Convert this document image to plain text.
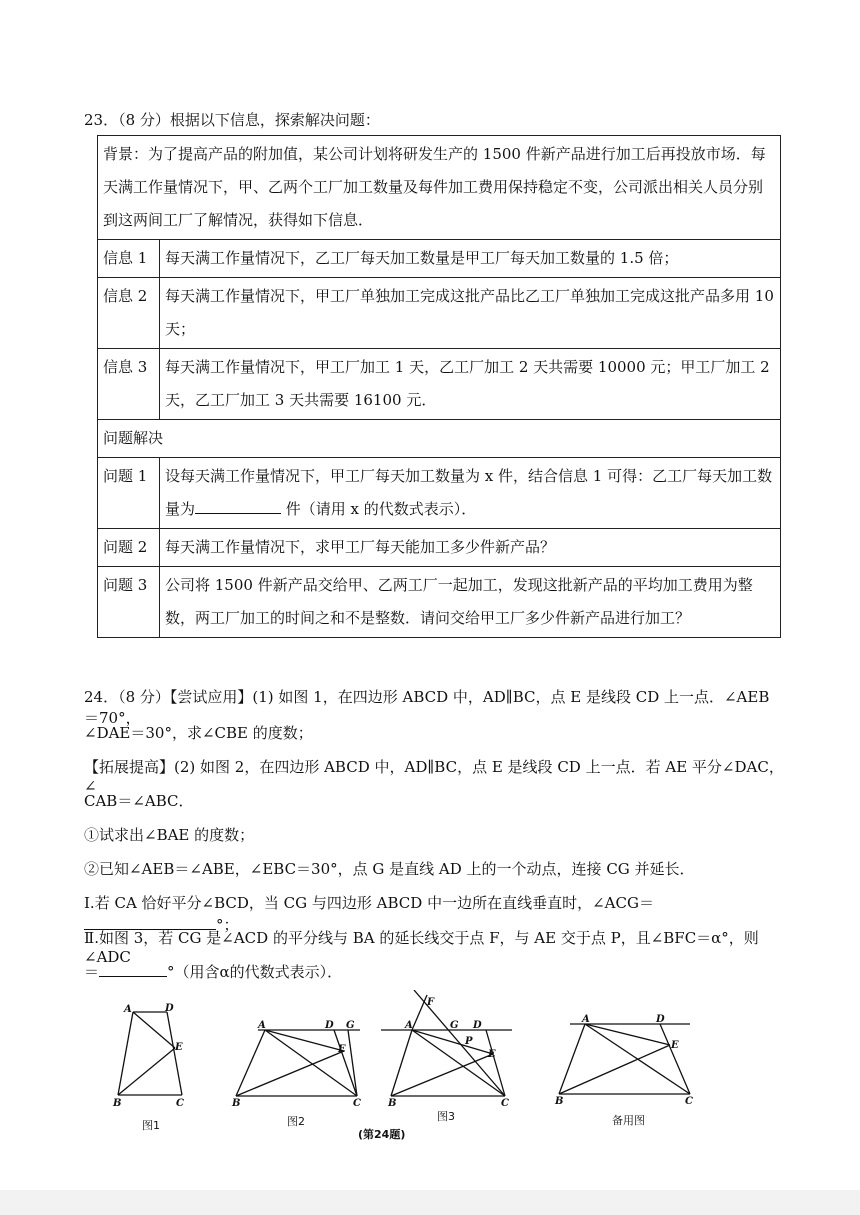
23．（8 分）根据以下信息，探索解决问题：
背景：为了提高产品的附加值，某公司计划将研发生产的 1500 件新产品进行加工后再投放市场．每天满工作量情况下，甲、乙两个工厂加工数量及每件加工费用保持稳定不变，公司派出相关人员分别到这两间工厂了解情况，获得如下信息．	
信息 1	每天满工作量情况下，乙工厂每天加工数量是甲工厂每天加工数量的 1.5 倍；
信息 2	每天满工作量情况下，甲工厂单独加工完成这批产品比乙工厂单独加工完成这批产品多用 10 天；
信息 3	每天满工作量情况下，甲工厂加工 1 天，乙工厂加工 2 天共需要 10000 元；甲工厂加工 2 天，乙工厂加工 3 天共需要 16100 元．
问题解决	
问题 1	设每天满工作量情况下，甲工厂每天加工数量为 x 件，结合信息 1 可得：乙工厂每天加工数量为 件（请用 x 的代数式表示）．
问题 2	每天满工作量情况下，求甲工厂每天能加工多少件新产品？
问题 3	公司将 1500 件新产品交给甲、乙两工厂一起加工，发现这批新产品的平均加工费用为整数，两工厂加工的时间之和不是整数．请问交给甲工厂多少件新产品进行加工？
24．（8 分）【尝试应用】(1) 如图 1，在四边形 ABCD 中，AD∥BC，点 E 是线段 CD 上一点．∠AEB＝70°，
∠DAE＝30°，求∠CBE 的度数；
【拓展提高】(2) 如图 2，在四边形 ABCD 中，AD∥BC，点 E 是线段 CD 上一点．若 AE 平分∠DAC，∠
CAB＝∠ABC．
①试求出∠BAE 的度数；
②已知∠AEB＝∠ABE，∠EBC＝30°，点 G 是直线 AD 上的一个动点，连接 CG 并延长．
Ⅰ.若 CA 恰好平分∠BCD，当 CG 与四边形 ABCD 中一边所在直线垂直时，∠ACG＝°；
Ⅱ.如图 3，若 CG 是∠ACD 的平分线与 BA 的延长线交于点 F，与 AE 交于点 P，且∠BFC＝α°，则∠ADC
＝	°（用含α的代数式表示）．
A	D
E
B	C
A	D G
E
B	C
F
A	G D
P
E
B	C
A	D
E
B	C
图1	图2	图3	备用图
(第24题)
